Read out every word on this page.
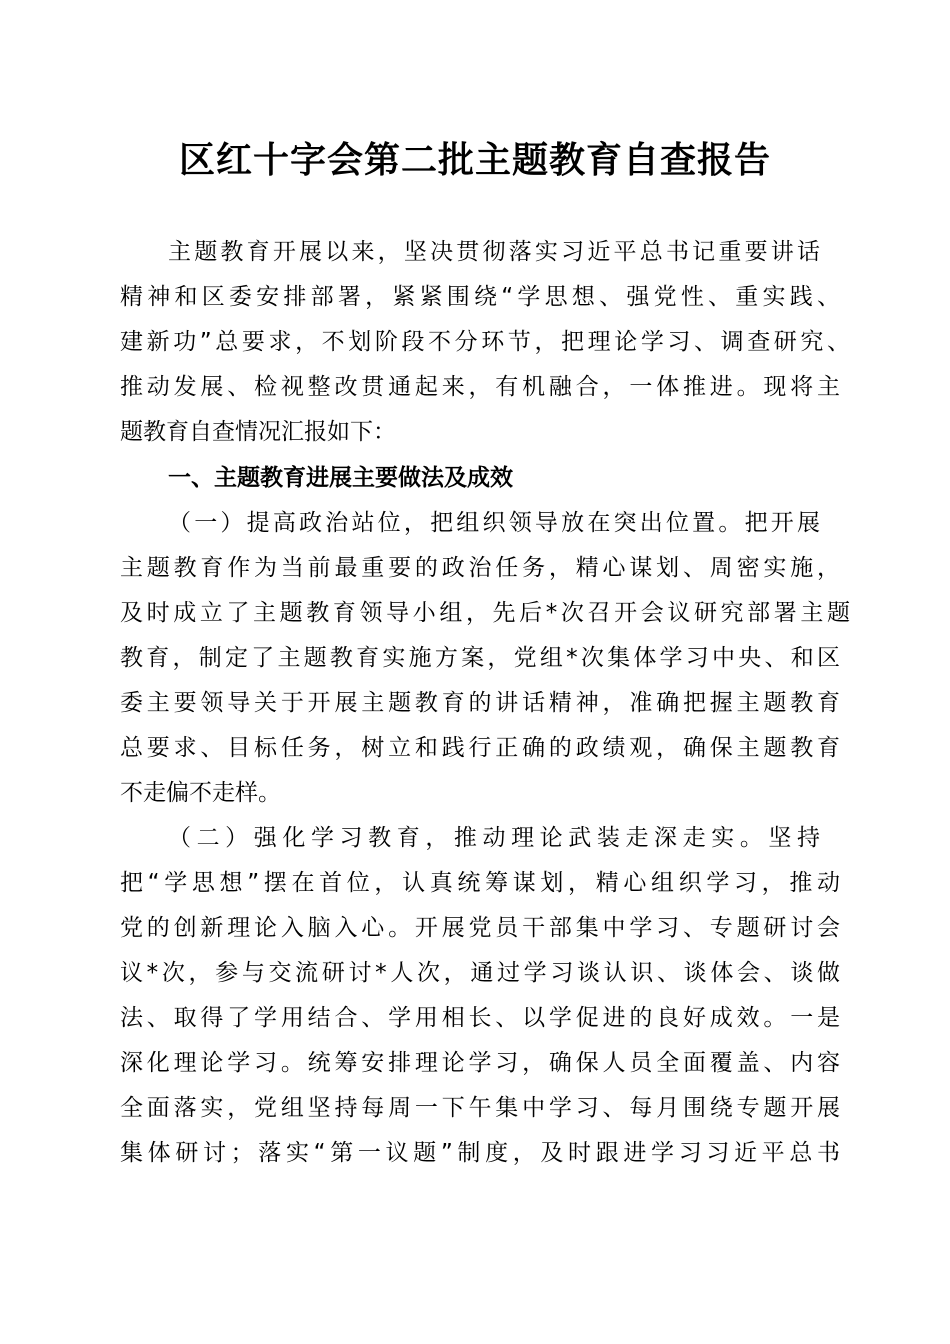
区红十字会第二批主题教育自查报告
主题教育开展以来，坚决贯彻落实习近平总书记重要讲话
精神和区委安排部署，紧紧围绕“学思想、强党性、重实践、
建新功”总要求，不划阶段不分环节，把理论学习、调查研究、
推动发展、检视整改贯通起来，有机融合，一体推进。现将主
题教育自查情况汇报如下：
一、主题教育进展主要做法及成效
（一）提高政治站位，把组织领导放在突出位置。把开展
主题教育作为当前最重要的政治任务，精心谋划、周密实施，
及时成立了主题教育领导小组，先后*次召开会议研究部署主题
教育，制定了主题教育实施方案，党组*次集体学习中央、和区
委主要领导关于开展主题教育的讲话精神，准确把握主题教育
总要求、目标任务，树立和践行正确的政绩观，确保主题教育
不走偏不走样。
（二）强化学习教育，推动理论武装走深走实。坚持
把“学思想”摆在首位，认真统筹谋划，精心组织学习，推动
党的创新理论入脑入心。开展党员干部集中学习、专题研讨会
议*次，参与交流研讨*人次，通过学习谈认识、谈体会、谈做
法、取得了学用结合、学用相长、以学促进的良好成效。一是
深化理论学习。统筹安排理论学习，确保人员全面覆盖、内容
全面落实，党组坚持每周一下午集中学习、每月围绕专题开展
集体研讨；落实“第一议题”制度，及时跟进学习习近平总书
